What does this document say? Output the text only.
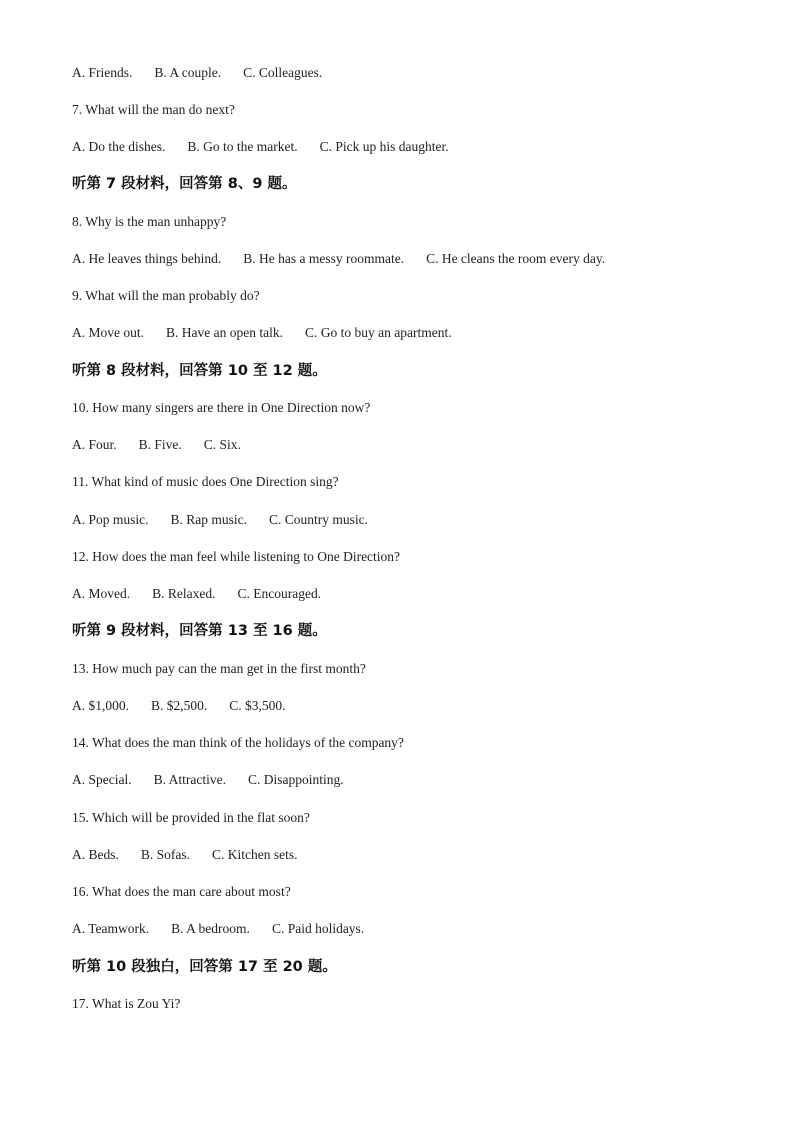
A. Friends. B. A couple. C. Colleagues.
7. What will the man do next?
A. Do the dishes. B. Go to the market. C. Pick up his daughter.
听第 7 段材料，回答第 8、9 题。
8. Why is the man unhappy?
A. He leaves things behind. B. He has a messy roommate. C. He cleans the room every day.
9. What will the man probably do?
A. Move out. B. Have an open talk. C. Go to buy an apartment.
听第 8 段材料，回答第 10 至 12 题。
10. How many singers are there in One Direction now?
A. Four. B. Five. C. Six.
11. What kind of music does One Direction sing?
A. Pop music. B. Rap music. C. Country music.
12. How does the man feel while listening to One Direction?
A. Moved. B. Relaxed. C. Encouraged.
听第 9 段材料，回答第 13 至 16 题。
13. How much pay can the man get in the first month?
A. $1,000. B. $2,500. C. $3,500.
14. What does the man think of the holidays of the company?
A. Special. B. Attractive. C. Disappointing.
15. Which will be provided in the flat soon?
A. Beds. B. Sofas. C. Kitchen sets.
16. What does the man care about most?
A. Teamwork. B. A bedroom. C. Paid holidays.
听第 10 段独白，回答第 17 至 20 题。
17. What is Zou Yi?
